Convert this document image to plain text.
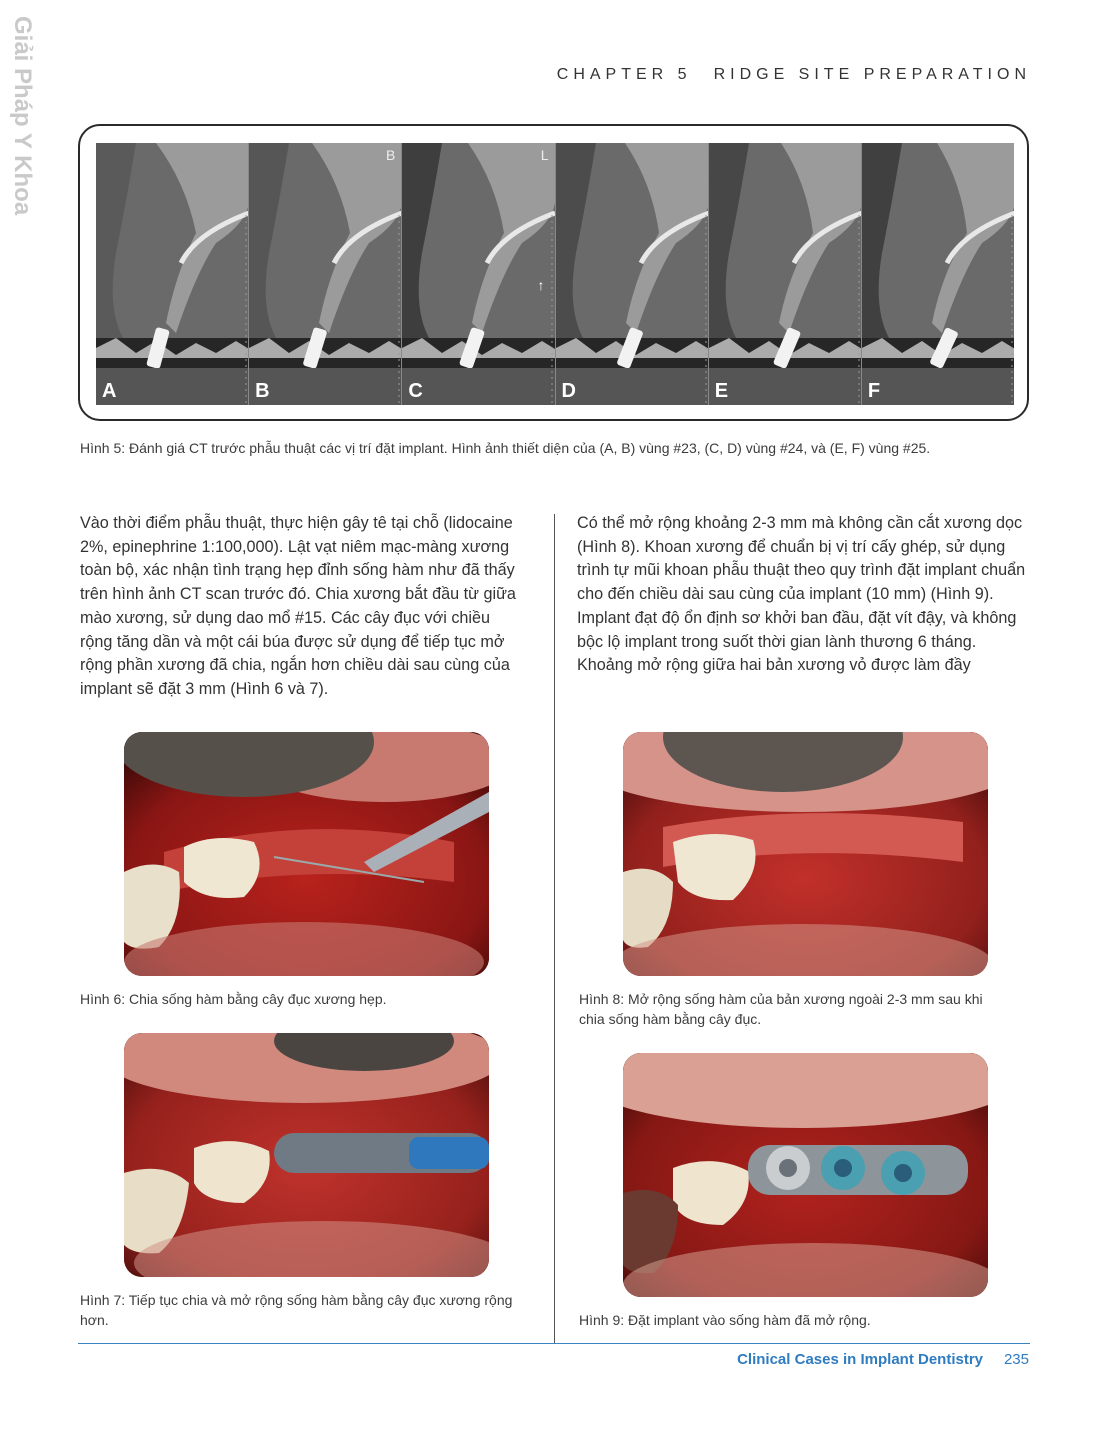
Giải Pháp Y Khoa	CHAPTER 5 RIDGE SITE PREPARATION
A
B
B
L
↑
C	D	E	F
Hình 5: Đánh giá CT trước phẫu thuật các vị trí đặt implant. Hình ảnh thiết diện của (A, B) vùng #23, (C, D) vùng #24, và (E, F) vùng #25.
Vào thời điểm phẫu thuật, thực hiện gây tê tại chỗ (lidocaine 2%, epinephrine 1:100,000). Lật vạt niêm mạc-màng xương toàn bộ, xác nhận tình trạng hẹp đỉnh sống hàm như đã thấy trên hình ảnh CT scan trước đó. Chia xương bắt đầu từ giữa mào xương, sử dụng dao mổ #15. Các cây đục với chiều rộng tăng dần và một cái búa được sử dụng để tiếp tục mở rộng phần xương đã chia, ngắn hơn chiều dài sau cùng của implant sẽ đặt 3 mm (Hình 6 và 7).
Có thể mở rộng khoảng 2-3 mm mà không cần cắt xương dọc (Hình 8). Khoan xương để chuẩn bị vị trí cấy ghép, sử dụng trình tự mũi khoan phẫu thuật theo quy trình đặt implant chuẩn cho đến chiều dài sau cùng của implant (10 mm) (Hình 9). Implant đạt độ ổn định sơ khởi ban đầu, đặt vít đậy, và không bộc lộ implant trong suốt thời gian lành thương 6 tháng. Khoảng mở rộng giữa hai bản xương vỏ được làm đầy
Hình 6: Chia sống hàm bằng cây đục xương hẹp.
Hình 7: Tiếp tục chia và mở rộng sống hàm bằng cây đục xương rộng hơn.
Hình 8: Mở rộng sống hàm của bản xương ngoài 2-3 mm sau khi chia sống hàm bằng cây đục.
Hình 9: Đặt implant vào sống hàm đã mở rộng.
Clinical Cases in Implant Dentistry 235
